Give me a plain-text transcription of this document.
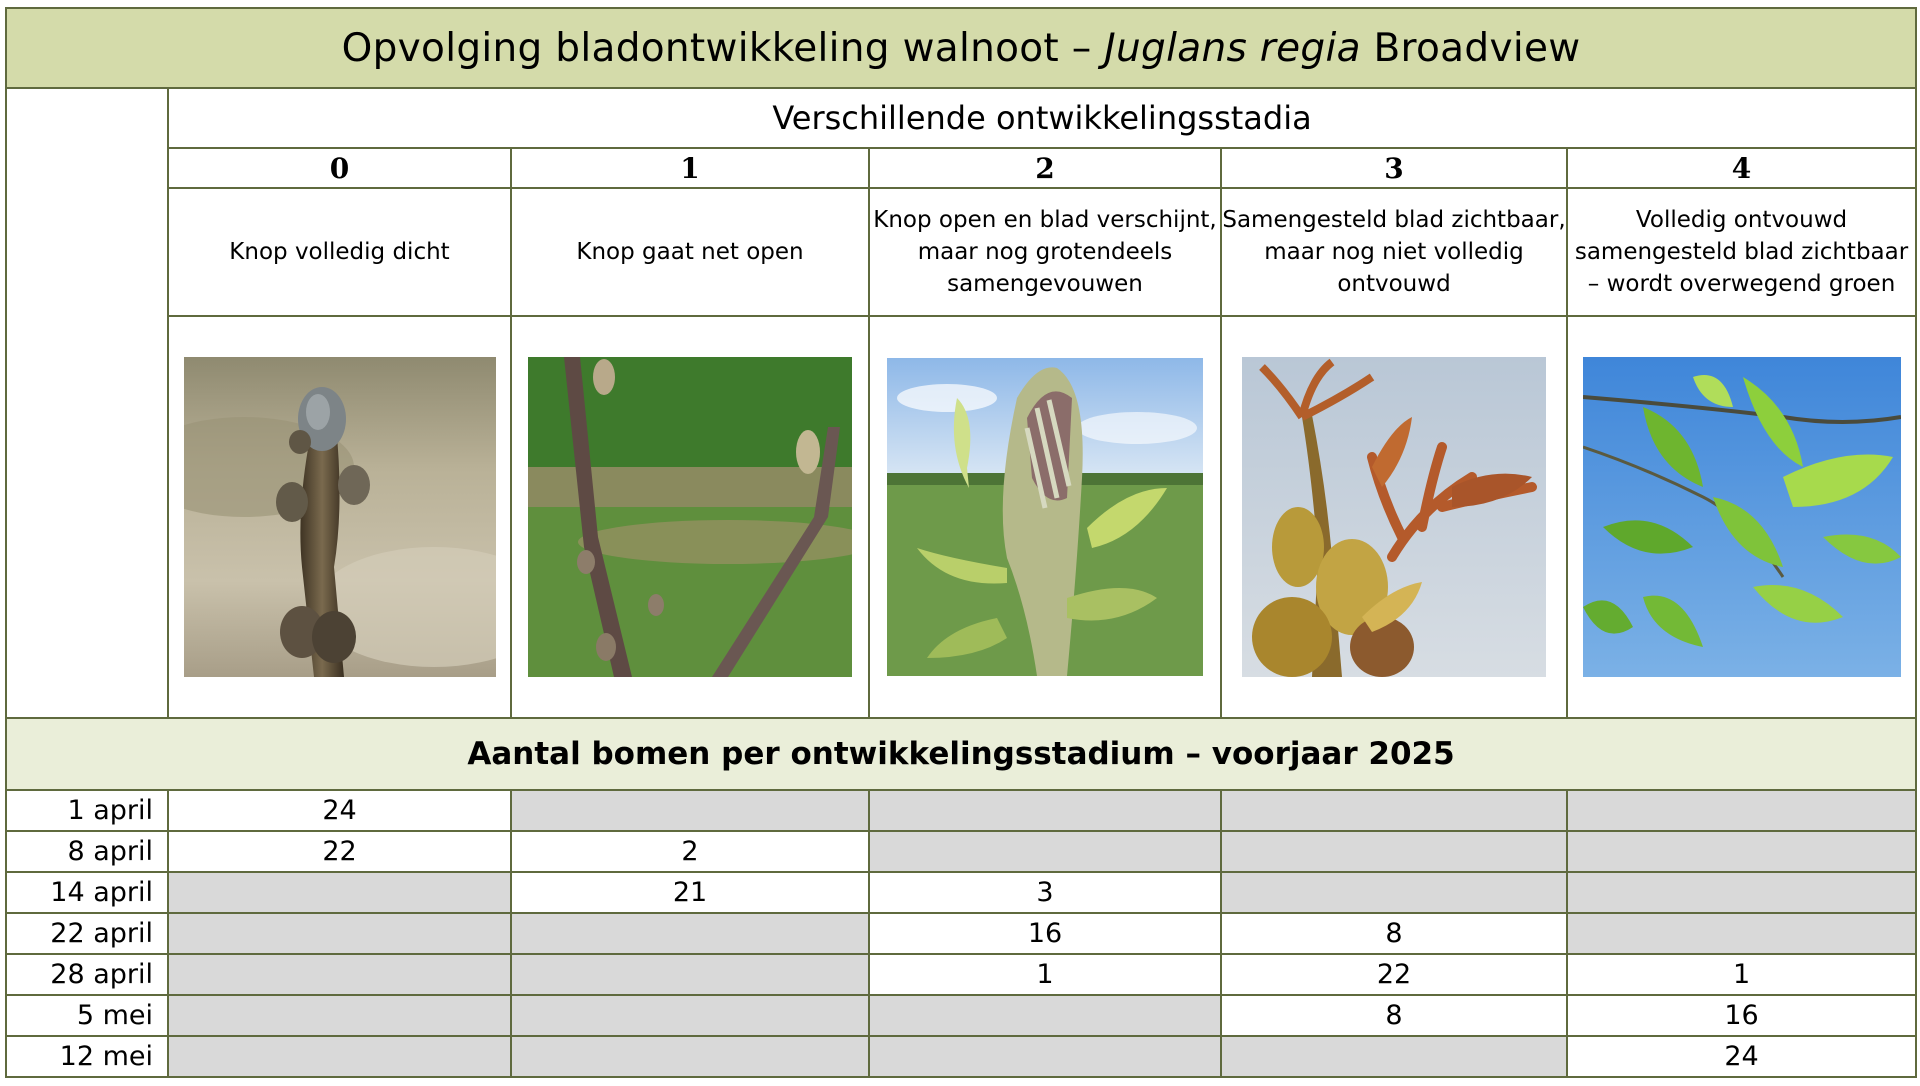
Opvolging bladontwikkeling walnoot – Juglans regia Broadview					
	Verschillende ontwikkelingsstadia				
	0	1	2	3	4
	Knop volledig dicht	Knop gaat net open	Knop open en blad verschijnt, maar nog grotendeels samengevouwen	Samengesteld blad zichtbaar, maar nog niet volledig ontvouwd	Volledig ontvouwd samengesteld blad zichtbaar – wordt overwegend groen

Aantal bomen per ontwikkelingsstadium – voorjaar 2025					
1 april	24				
8 april	22	2			
14 april		21	3		
22 april			16	8	
28 april			1	22	1
5 mei				8	16
12 mei					24
